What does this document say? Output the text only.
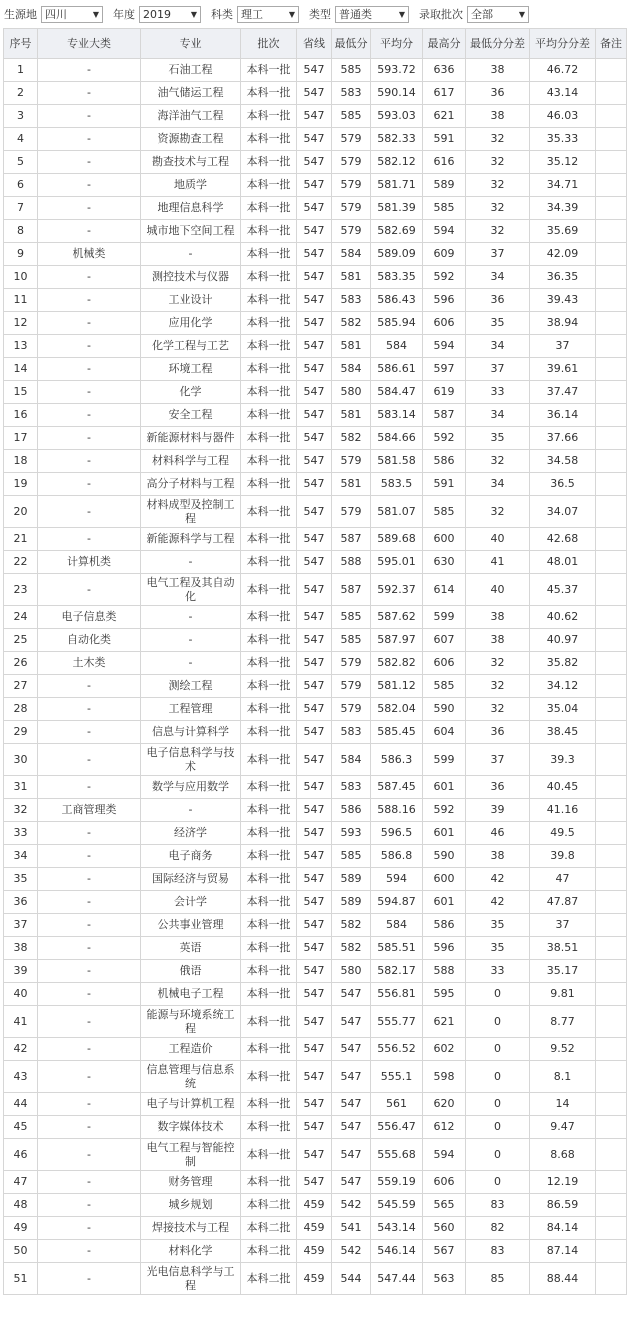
生源地 四川	▼ 年度 2019 ▼ 科类 理工	▼ 类型 普通类	▼ 录取批次 全部	▼
序号	专业大类	专业	批次	省线	最低分	平均分	最高分	最低分分差	平均分分差	备注
1	-	石油工程	本科一批	547	585	593.72	636	38	46.72	
2	-	油气储运工程	本科一批	547	583	590.14	617	36	43.14	
3	-	海洋油气工程	本科一批	547	585	593.03	621	38	46.03	
4	-	资源勘查工程	本科一批	547	579	582.33	591	32	35.33	
5	-	勘查技术与工程	本科一批	547	579	582.12	616	32	35.12	
6	-	地质学	本科一批	547	579	581.71	589	32	34.71	
7	-	地理信息科学	本科一批	547	579	581.39	585	32	34.39	
8	-	城市地下空间工程	本科一批	547	579	582.69	594	32	35.69	
9	机械类	-	本科一批	547	584	589.09	609	37	42.09	
10	-	测控技术与仪器	本科一批	547	581	583.35	592	34	36.35	
11	-	工业设计	本科一批	547	583	586.43	596	36	39.43	
12	-	应用化学	本科一批	547	582	585.94	606	35	38.94	
13	-	化学工程与工艺	本科一批	547	581	584	594	34	37	
14	-	环境工程	本科一批	547	584	586.61	597	37	39.61	
15	-	化学	本科一批	547	580	584.47	619	33	37.47	
16	-	安全工程	本科一批	547	581	583.14	587	34	36.14	
17	-	新能源材料与器件	本科一批	547	582	584.66	592	35	37.66	
18	-	材料科学与工程	本科一批	547	579	581.58	586	32	34.58	
19	-	高分子材料与工程	本科一批	547	581	583.5	591	34	36.5	
20	-	材料成型及控制工程	本科一批	547	579	581.07	585	32	34.07	
21	-	新能源科学与工程	本科一批	547	587	589.68	600	40	42.68	
22	计算机类	-	本科一批	547	588	595.01	630	41	48.01	
23	-	电气工程及其自动化	本科一批	547	587	592.37	614	40	45.37	
24	电子信息类	-	本科一批	547	585	587.62	599	38	40.62	
25	自动化类	-	本科一批	547	585	587.97	607	38	40.97	
26	土木类	-	本科一批	547	579	582.82	606	32	35.82	
27	-	测绘工程	本科一批	547	579	581.12	585	32	34.12	
28	-	工程管理	本科一批	547	579	582.04	590	32	35.04	
29	-	信息与计算科学	本科一批	547	583	585.45	604	36	38.45	
30	-	电子信息科学与技术	本科一批	547	584	586.3	599	37	39.3	
31	-	数学与应用数学	本科一批	547	583	587.45	601	36	40.45	
32	工商管理类	-	本科一批	547	586	588.16	592	39	41.16	
33	-	经济学	本科一批	547	593	596.5	601	46	49.5	
34	-	电子商务	本科一批	547	585	586.8	590	38	39.8	
35	-	国际经济与贸易	本科一批	547	589	594	600	42	47	
36	-	会计学	本科一批	547	589	594.87	601	42	47.87	
37	-	公共事业管理	本科一批	547	582	584	586	35	37	
38	-	英语	本科一批	547	582	585.51	596	35	38.51	
39	-	俄语	本科一批	547	580	582.17	588	33	35.17	
40	-	机械电子工程	本科一批	547	547	556.81	595	0	9.81	
41	-	能源与环境系统工程	本科一批	547	547	555.77	621	0	8.77	
42	-	工程造价	本科一批	547	547	556.52	602	0	9.52	
43	-	信息管理与信息系统	本科一批	547	547	555.1	598	0	8.1	
44	-	电子与计算机工程	本科一批	547	547	561	620	0	14	
45	-	数字媒体技术	本科一批	547	547	556.47	612	0	9.47	
46	-	电气工程与智能控制	本科一批	547	547	555.68	594	0	8.68	
47	-	财务管理	本科一批	547	547	559.19	606	0	12.19	
48	-	城乡规划	本科二批	459	542	545.59	565	83	86.59	
49	-	焊接技术与工程	本科二批	459	541	543.14	560	82	84.14	
50	-	材料化学	本科二批	459	542	546.14	567	83	87.14	
51	-	光电信息科学与工程	本科二批	459	544	547.44	563	85	88.44	
